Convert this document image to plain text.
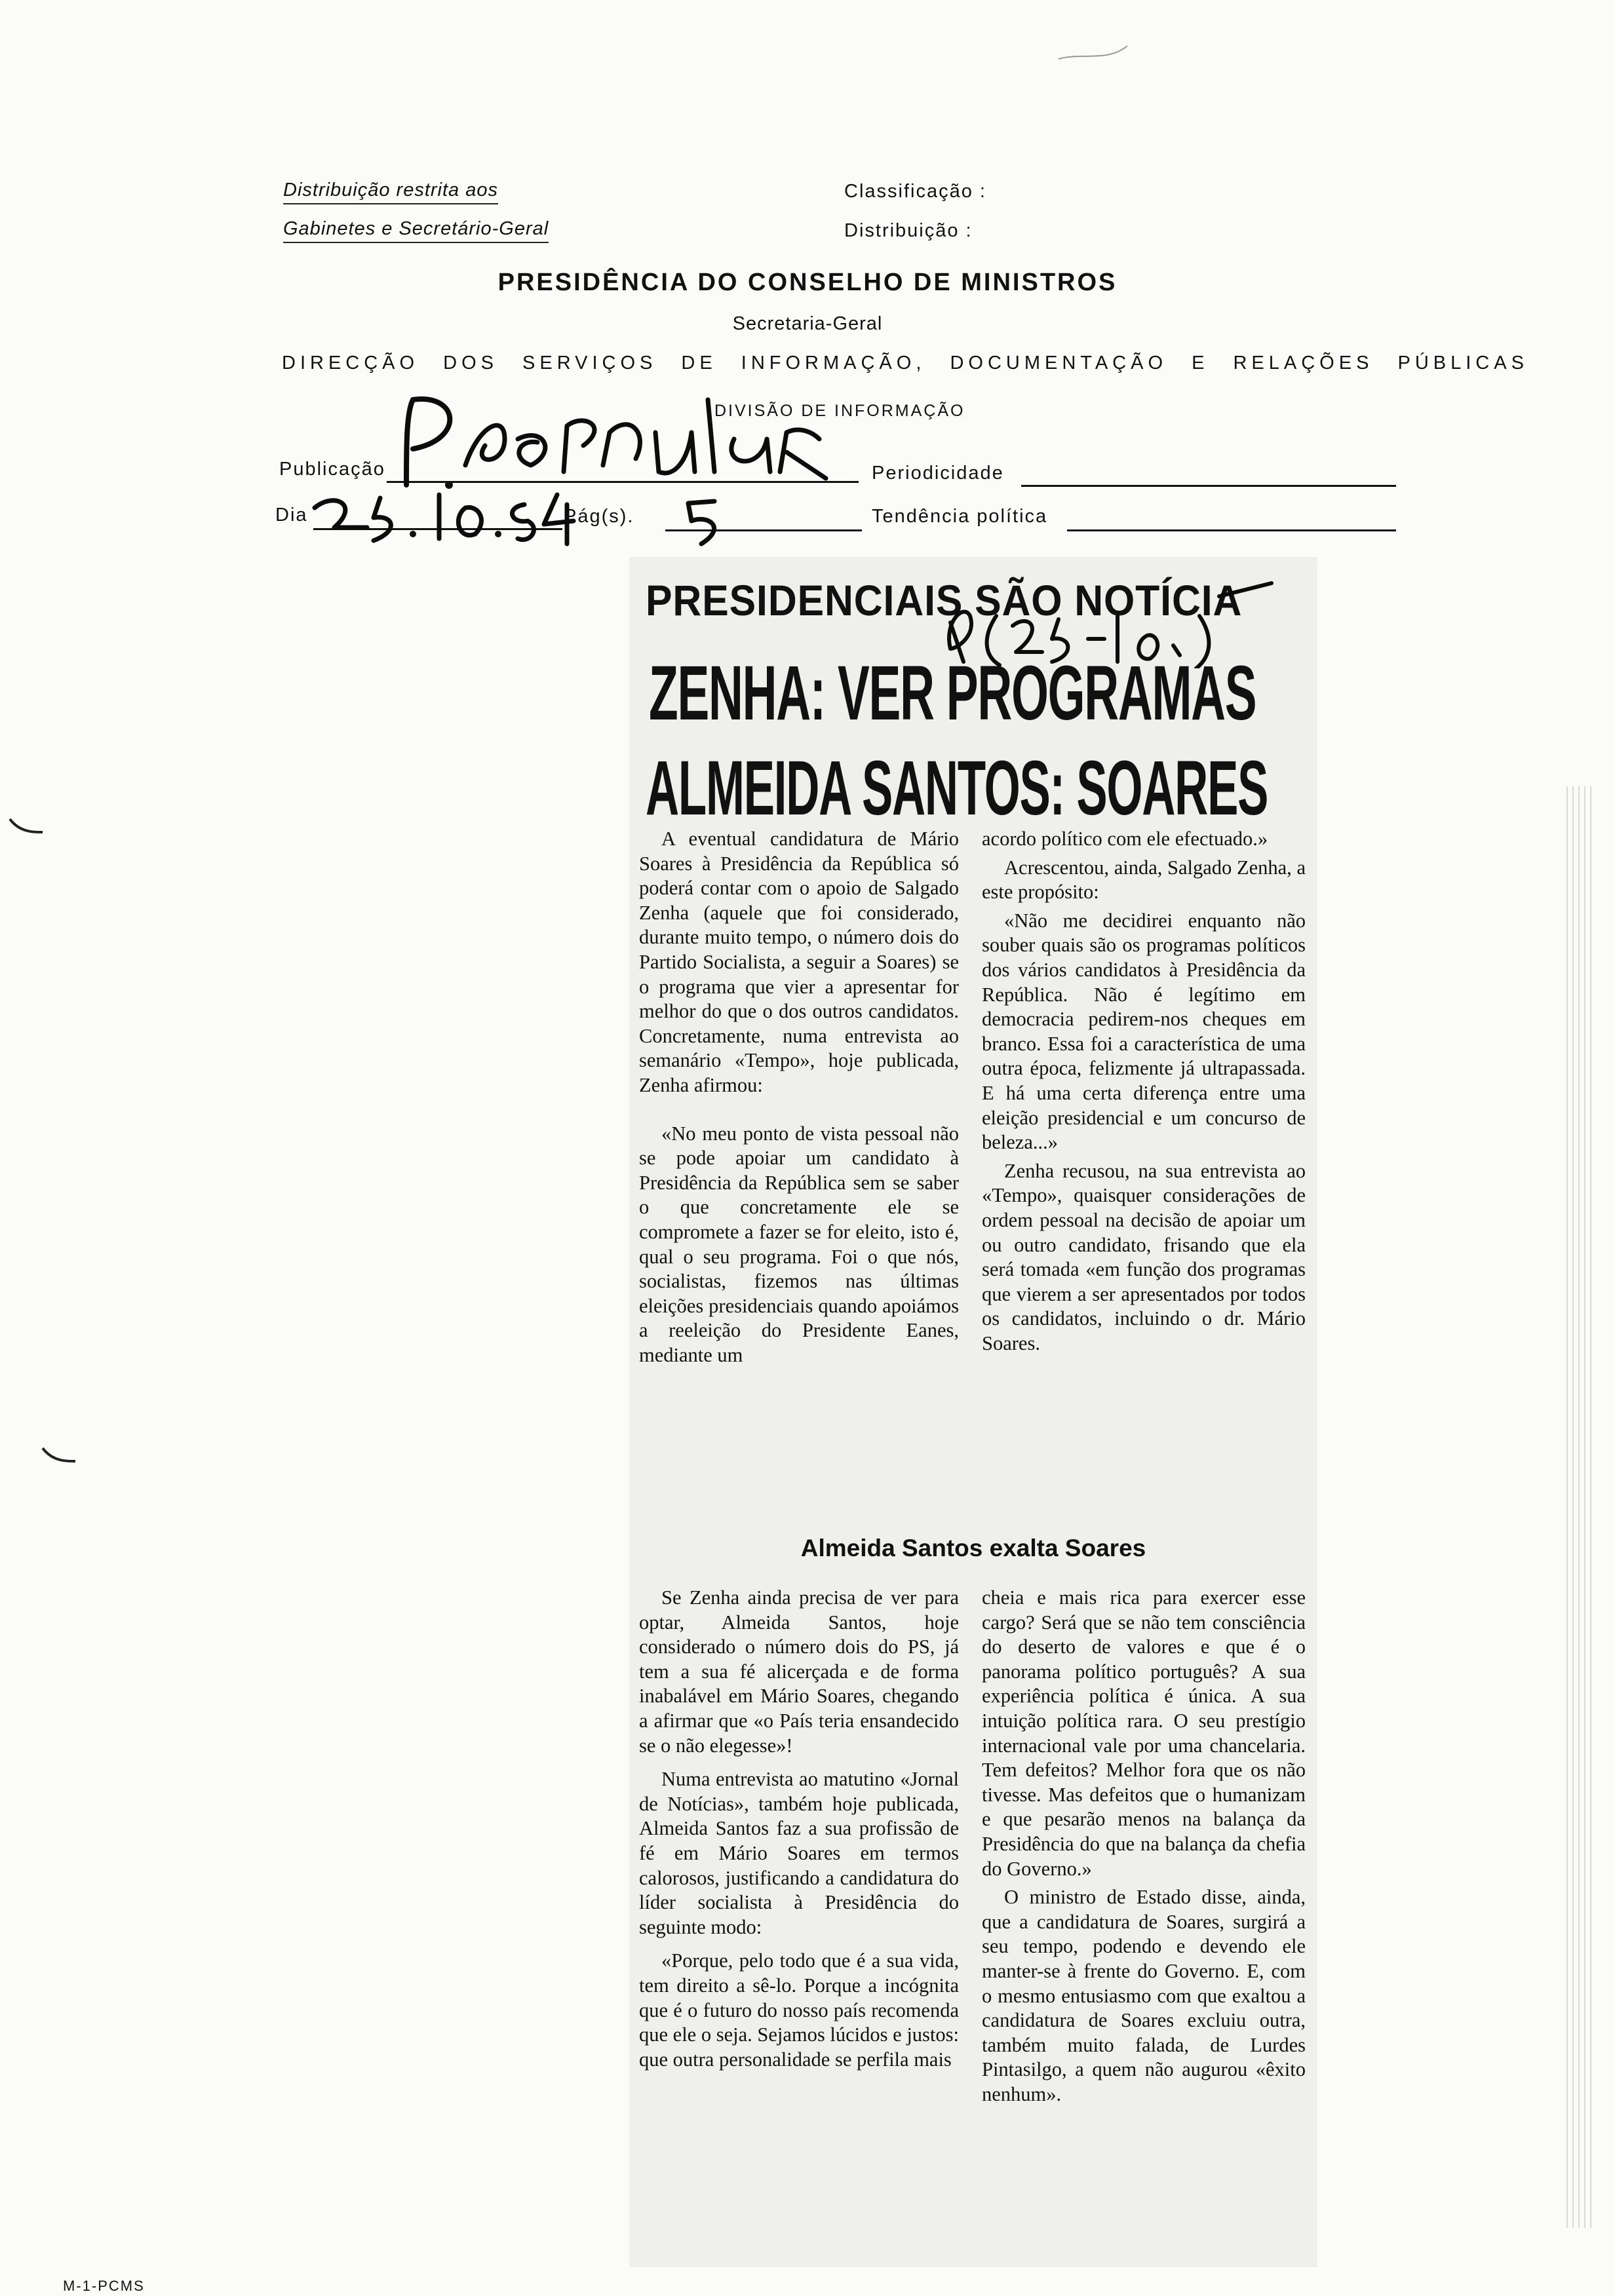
Distribuição restrita aos
Gabinetes e Secretário-Geral
Classificação :
Distribuição :
PRESIDÊNCIA DO CONSELHO DE MINISTROS
Secretaria-Geral
DIRECÇÃO DOS SERVIÇOS DE INFORMAÇÃO, DOCUMENTAÇÃO E RELAÇÕES PÚBLICAS
DIVISÃO DE INFORMAÇÃO
Publicação	Periodicidade
Dia	Pág(s).	Tendência política
PRESIDENCIAIS SÃO NOTÍCIA
ZENHA: VER PROGRAMAS
ALMEIDA SANTOS: SOARES

A eventual candidatura de Mário Soares à Presidência da República só poderá contar com o apoio de Salgado Zenha (aquele que foi considerado, durante muito tempo, o número dois do Partido Socialista, a seguir a Soares) se o programa que vier a apresentar for melhor do que o dos outros candidatos. Concretamente, numa entrevista ao semanário «Tempo», hoje publicada, Zenha afirmou:

«No meu ponto de vista pessoal não se pode apoiar um candidato à Presidência da República sem se saber o que concretamente ele se compromete a fazer se for eleito, isto é, qual o seu programa. Foi o que nós, socialistas, fizemos nas últimas eleições presidenciais quando apoiámos a reeleição do Presidente Eanes, mediante um

acordo político com ele efectuado.»

Acrescentou, ainda, Salgado Zenha, a este propósito:

«Não me decidirei enquanto não souber quais são os programas políticos dos vários candidatos à Presidência da República. Não é legítimo em democracia pedirem-nos cheques em branco. Essa foi a característica de uma outra época, felizmente já ultrapassada. E há uma certa diferença entre uma eleição presidencial e um concurso de beleza...»

Zenha recusou, na sua entrevista ao «Tempo», quaisquer considerações de ordem pessoal na decisão de apoiar um ou outro candidato, frisando que ela será tomada «em função dos programas que vierem a ser apresentados por todos os candidatos, incluindo o dr. Mário Soares.

Almeida Santos exalta Soares

Se Zenha ainda precisa de ver para optar, Almeida Santos, hoje considerado o número dois do PS, já tem a sua fé alicerçada e de forma inabalável em Mário Soares, chegando a afirmar que «o País teria ensandecido se o não elegesse»!

Numa entrevista ao matutino «Jornal de Notícias», também hoje publicada, Almeida Santos faz a sua profissão de fé em Mário Soares em termos calorosos, justificando a candidatura do líder socialista à Presidência do seguinte modo:

«Porque, pelo todo que é a sua vida, tem direito a sê-lo. Porque a incógnita que é o futuro do nosso país recomenda que ele o seja. Sejamos lúcidos e justos: que outra personalidade se perfila mais

cheia e mais rica para exercer esse cargo? Será que se não tem consciência do deserto de valores e que é o panorama político português? A sua experiência política é única. A sua intuição política rara. O seu prestígio internacional vale por uma chancelaria. Tem defeitos? Melhor fora que os não tivesse. Mas defeitos que o humanizam e que pesarão menos na balança da Presidência do que na balança da chefia do Governo.»

O ministro de Estado disse, ainda, que a candidatura de Soares, surgirá a seu tempo, podendo e devendo ele manter-se à frente do Governo. E, com o mesmo entusiasmo com que exaltou a candidatura de Soares excluiu outra, também muito falada, de Lurdes Pintasilgo, a quem não augurou «êxito nenhum».

M-1-PCMS
